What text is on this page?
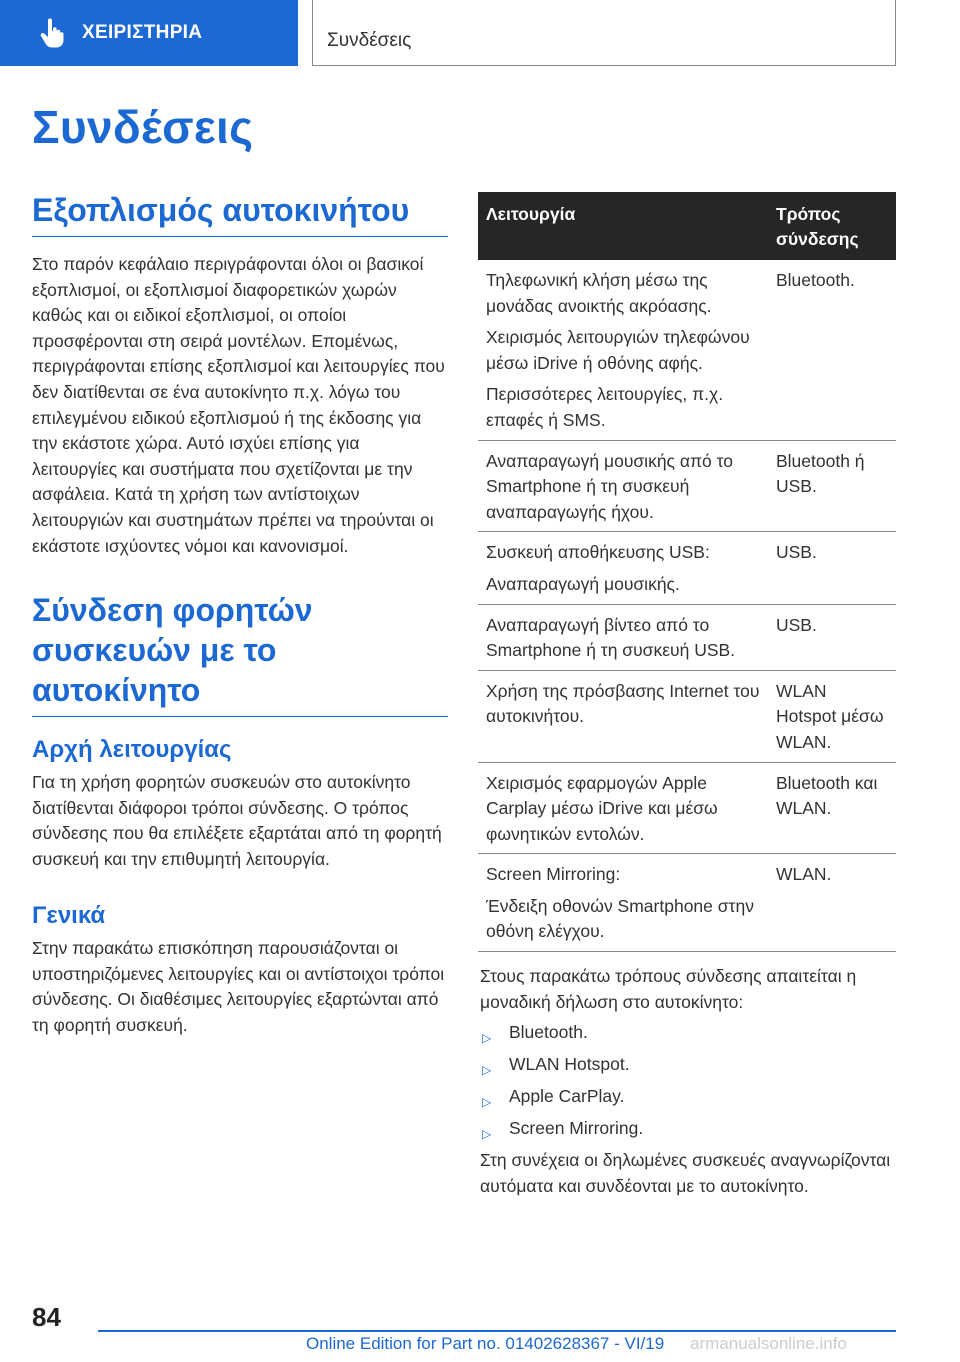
ΧΕΙΡΙΣΤΗΡΙΑ	Συνδέσεις
Συνδέσεις
Εξοπλισμός αυτοκινήτου

Στο παρόν κεφάλαιο περιγράφονται όλοι οι βασικοί εξοπλισμοί, οι εξοπλισμοί διαφορετικών χωρών καθώς και οι ειδικοί εξοπλισμοί, οι οποίοι προσφέρονται στη σειρά μοντέλων. Επομένως, περιγράφονται επίσης εξοπλισμοί και λειτουργίες που δεν διατίθενται σε ένα αυτοκίνητο π.χ. λόγω του επιλεγμένου ειδικού εξοπλισμού ή της έκδοσης για την εκάστοτε χώρα. Αυτό ισχύει επίσης για λειτουργίες και συστήματα που σχετίζονται με την ασφάλεια. Κατά τη χρήση των αντίστοιχων λειτουργιών και συστημάτων πρέπει να τηρούνται οι εκάστοτε ισχύοντες νόμοι και κανονισμοί.

Σύνδεση φορητών συσκευών με το αυτοκίνητο
Αρχή λειτουργίας

Για τη χρήση φορητών συσκευών στο αυτοκίνητο διατίθενται διάφοροι τρόποι σύνδεσης. Ο τρόπος σύνδεσης που θα επιλέξετε εξαρτάται από τη φορητή συσκευή και την επιθυμητή λειτουργία.

Γενικά

Στην παρακάτω επισκόπηση παρουσιάζονται οι υποστηριζόμενες λειτουργίες και οι αντίστοιχοι τρόποι σύνδεσης. Οι διαθέσιμες λειτουργίες εξαρτώνται από τη φορητή συσκευή.

Λειτουργία	Τρόπος σύνδεσης

Τηλεφωνική κλήση μέσω της μονάδας ανοικτής ακρόασης.

Χειρισμός λειτουργιών τηλεφώνου μέσω iDrive ή οθόνης αφής.

Περισσότερες λειτουργίες, π.χ. επαφές ή SMS.	Bluetooth.

Αναπαραγωγή μουσικής από το Smartphone ή τη συσκευή αναπαραγωγής ήχου.	Bluetooth ή USB.

Συσκευή αποθήκευσης USB:

Αναπαραγωγή μουσικής.	USB.

Αναπαραγωγή βίντεο από το Smartphone ή τη συσκευή USB.	USB.

Χρήση της πρόσβασης Internet του αυτοκινήτου.	WLAN Hotspot μέσω WLAN.

Χειρισμός εφαρμογών Apple Carplay μέσω iDrive και μέσω φωνητικών εντολών.	Bluetooth και WLAN.

Screen Mirroring:

Ένδειξη οθονών Smartphone στην οθόνη ελέγχου.	WLAN.

Στους παρακάτω τρόπους σύνδεσης απαιτείται η μοναδική δήλωση στο αυτοκίνητο:

▷	Bluetooth.
▷	WLAN Hotspot.
▷	Apple CarPlay.
▷	Screen Mirroring.

Στη συνέχεια οι δηλωμένες συσκευές αναγνωρίζονται αυτόματα και συνδέονται με το αυτοκίνητο.

84
Online Edition for Part no. 01402628367 - VI/19 armanualsonline.info
